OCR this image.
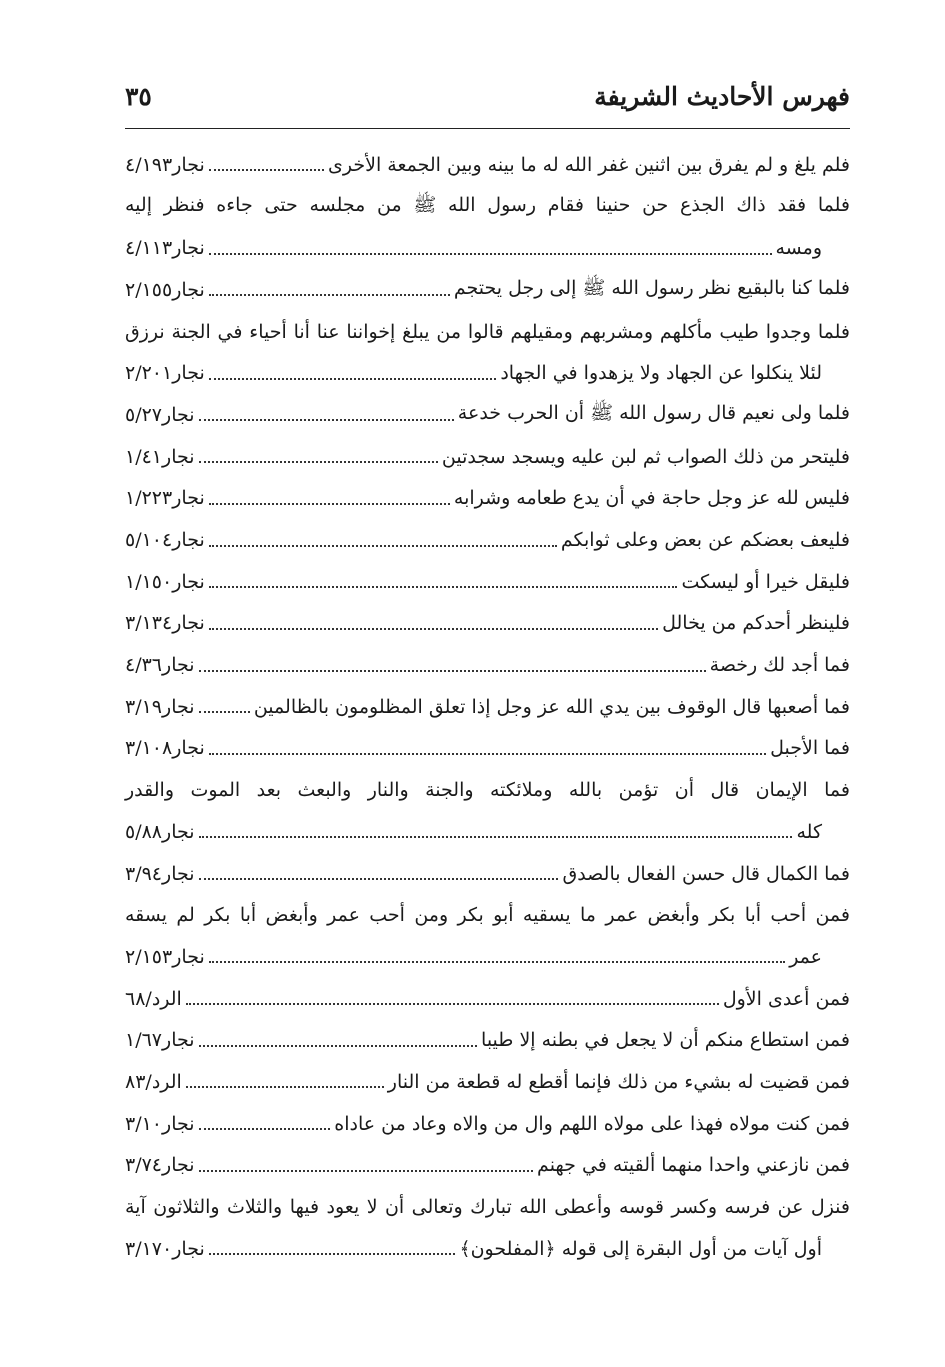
فهرس الأحاديث الشريفة
٣٥
فلم يلغ و لم يفرق بين اثنين غفر الله له ما بينه وبين الجمعة الأخرى
نجار٤/١٩٣
فلما فقد ذاك الجذع حن حنينا فقام رسول الله ﷺ من مجلسه حتى جاءه فنظر إليه
ومسه
نجار٤/١١٣
فلما كنا بالبقيع نظر رسول الله ﷺ إلى رجل يحتجم
نجار٢/١٥٥
فلما وجدوا طيب مأكلهم ومشربهم ومقيلهم قالوا من يبلغ إخواننا عنا أنا أحياء في الجنة نرزق
لئلا ينكلوا عن الجهاد ولا يزهدوا في الجهاد
نجار٢/٢٠١
فلما ولى نعيم قال رسول الله ﷺ أن الحرب خدعة
نجار٥/٢٧
فليتحر من ذلك الصواب ثم لبن عليه ويسجد سجدتين
نجار١/٤١
فليس لله عز وجل حاجة في أن يدع طعامه وشرابه
نجار١/٢٢٣
فليعف بعضكم عن بعض وعلى ثوابكم
نجار٥/١٠٤
فليقل خيرا أو ليسكت
نجار١/١٥٠
فلينظر أحدكم من يخالل
نجار٣/١٣٤
فما أجد لك رخصة
نجار٤/٣٦
فما أصعبها قال الوقوف بين يدي الله عز وجل إذا تعلق المظلومون بالظالمين
نجار٣/١٩
فما الأجبل
نجار٣/١٠٨
فما الإيمان قال أن تؤمن بالله وملائكته والجنة والنار والبعث بعد الموت والقدر
كله
نجار٥/٨٨
فما الكمال قال حسن الفعال بالصدق
نجار٣/٩٤
فمن أحب أبا بكر وأبغض عمر ما يسقيه أبو بكر ومن أحب عمر وأبغض أبا بكر لم يسقه
عمر
نجار٢/١٥٣
فمن أعدى الأول
الرد/٦٨
فمن استطاع منكم أن لا يجعل في بطنه إلا طيبا
نجار١/٦٧
فمن قضيت له بشيء من ذلك فإنما أقطع له قطعة من النار
الرد/٨٣
فمن كنت مولاه فهذا على مولاه اللهم وال من والاه وعاد من عاداه
نجار٣/١٠
فمن نازعني واحدا منهما ألقيته في جهنم
نجار٣/٧٤
فنزل عن فرسه وكسر قوسه وأعطى الله تبارك وتعالى أن لا يعود فيها والثلاث والثلاثون آية
أول آيات من أول البقرة إلى قوله ﴿المفلحون﴾
نجار٣/١٧٠
